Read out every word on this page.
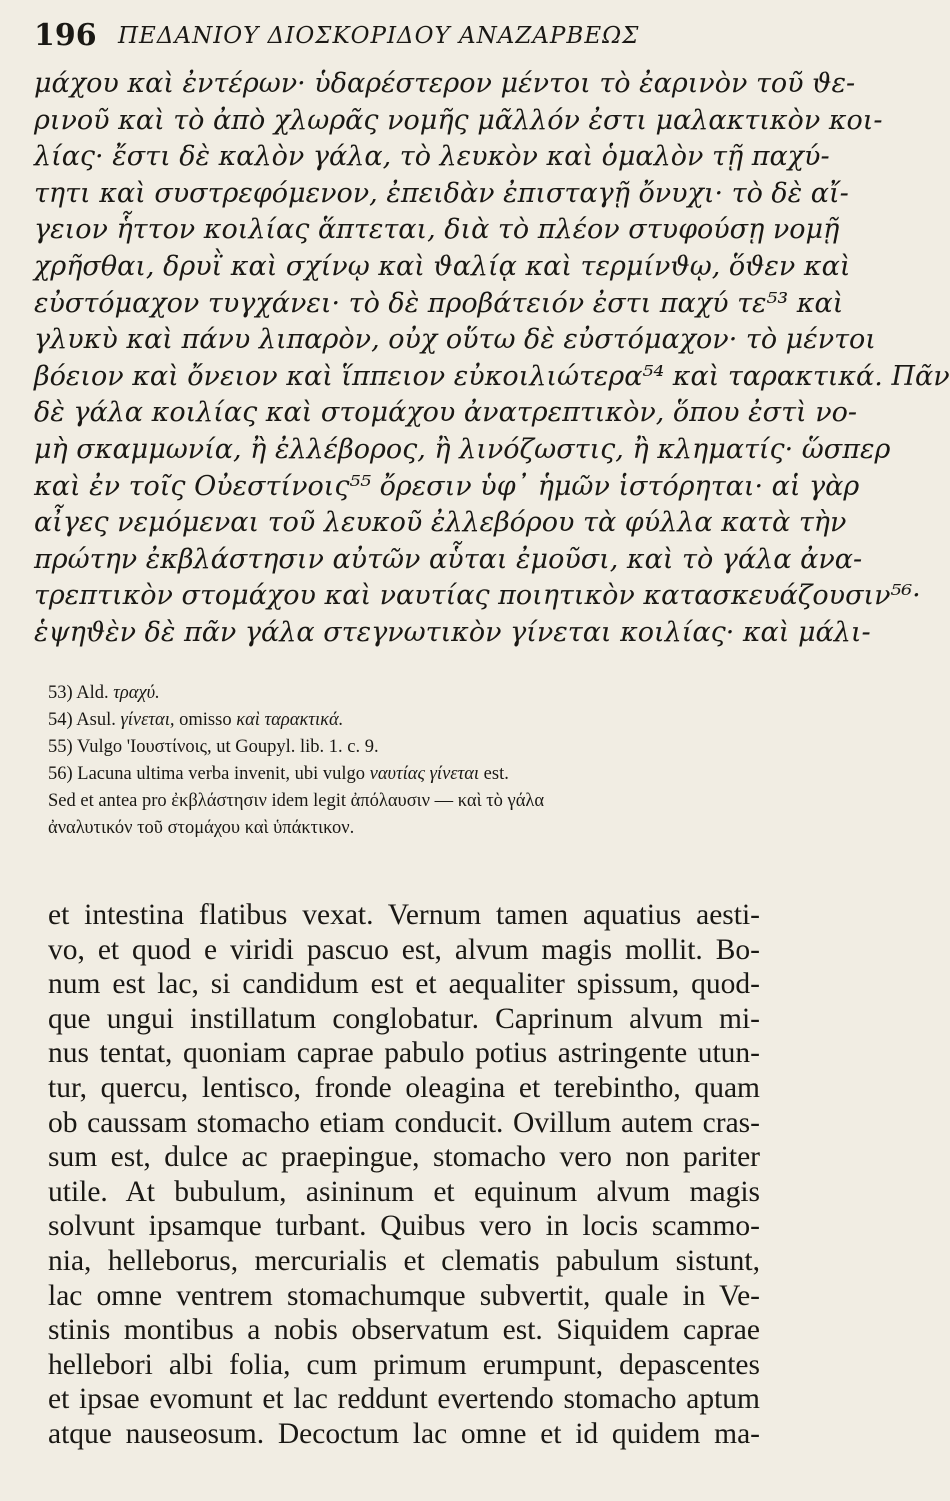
196 ΠΕΔΑΝΙΟΥ ΔΙΟΣΚΟΡΙΔΟΥ ΑΝΑΖΑΡΒΕΩΣ
μάχου καὶ ἐντέρων· ὑδαρέστερον μέντοι τὸ ἐαρινὸν τοῦ ϑε-
ρινοῦ καὶ τὸ ἀπὸ χλωρᾶς νομῆς μᾶλλόν ἐστι μαλακτικὸν κοι-
λίας· ἔστι δὲ καλὸν γάλα, τὸ λευκὸν καὶ ὁμαλὸν τῇ παχύ-
τητι καὶ συστρεφόμενον, ἐπειδὰν ἐπισταγῇ ὄνυχι· τὸ δὲ αἴ-
γειον ἧττον κοιλίας ἅπτεται, διὰ τὸ πλέον στυφούσῃ νομῇ
χρῆσθαι, δρυῒ καὶ σχίνῳ καὶ ϑαλίᾳ καὶ τερμίνϑῳ, ὅϑεν καὶ
εὐστόμαχον τυγχάνει· τὸ δὲ προβάτειόν ἐστι παχύ τε⁵³ καὶ
γλυκὺ καὶ πάνυ λιπαρὸν, οὐχ οὕτω δὲ εὐστόμαχον· τὸ μέντοι
βόειον καὶ ὄνειον καὶ ἵππειον εὐκοιλιώτερα⁵⁴ καὶ ταρακτικά. Πᾶν
δὲ γάλα κοιλίας καὶ στομάχου ἀνατρεπτικὸν, ὅπου ἐστὶ νο-
μὴ σκαμμωνία, ἢ ἐλλέβορος, ἢ λινόζωστις, ἢ κληματίς· ὥσπερ
καὶ ἐν τοῖς Οὐεστίνοις⁵⁵ ὄρεσιν ὑφ᾽ ἡμῶν ἱστόρηται· αἱ γὰρ
αἶγες νεμόμεναι τοῦ λευκοῦ ἐλλεβόρου τὰ φύλλα κατὰ τὴν
πρώτην ἐκβλάστησιν αὐτῶν αὗται ἐμοῦσι, καὶ τὸ γάλα ἀνα-
τρεπτικὸν στομάχου καὶ ναυτίας ποιητικὸν κατασκευάζουσιν⁵⁶·
ἑψηϑὲν δὲ πᾶν γάλα στεγνωτικὸν γίνεται κοιλίας· καὶ μάλι-
53) Ald. τραχύ.
54) Asul. γίνεται, omisso καὶ ταρακτικά.
55) Vulgo 'Ιουστίνοις, ut Goupyl. lib. 1. c. 9.
56) Lacuna ultima verba invenit, ubi vulgo ναυτίας γίνεται est.
Sed et antea pro ἐκβλάστησιν idem legit ἀπόλαυσιν — καὶ τὸ γάλα
ἀναλυτικόν τοῦ στομάχου καὶ ὑπάκτικον.
et intestina flatibus vexat. Vernum tamen aquatius aesti-
vo, et quod e viridi pascuo est, alvum magis mollit. Bo-
num est lac, si candidum est et aequaliter spissum, quod-
que ungui instillatum conglobatur. Caprinum alvum mi-
nus tentat, quoniam caprae pabulo potius astringente utun-
tur, quercu, lentisco, fronde oleagina et terebintho, quam
ob caussam stomacho etiam conducit. Ovillum autem cras-
sum est, dulce ac praepingue, stomacho vero non pariter
utile. At bubulum, asininum et equinum alvum magis
solvunt ipsamque turbant. Quibus vero in locis scammo-
nia, helleborus, mercurialis et clematis pabulum sistunt,
lac omne ventrem stomachumque subvertit, quale in Ve-
stinis montibus a nobis observatum est. Siquidem caprae
hellebori albi folia, cum primum erumpunt, depascentes
et ipsae evomunt et lac reddunt evertendo stomacho aptum
atque nauseosum. Decoctum lac omne et id quidem ma-
